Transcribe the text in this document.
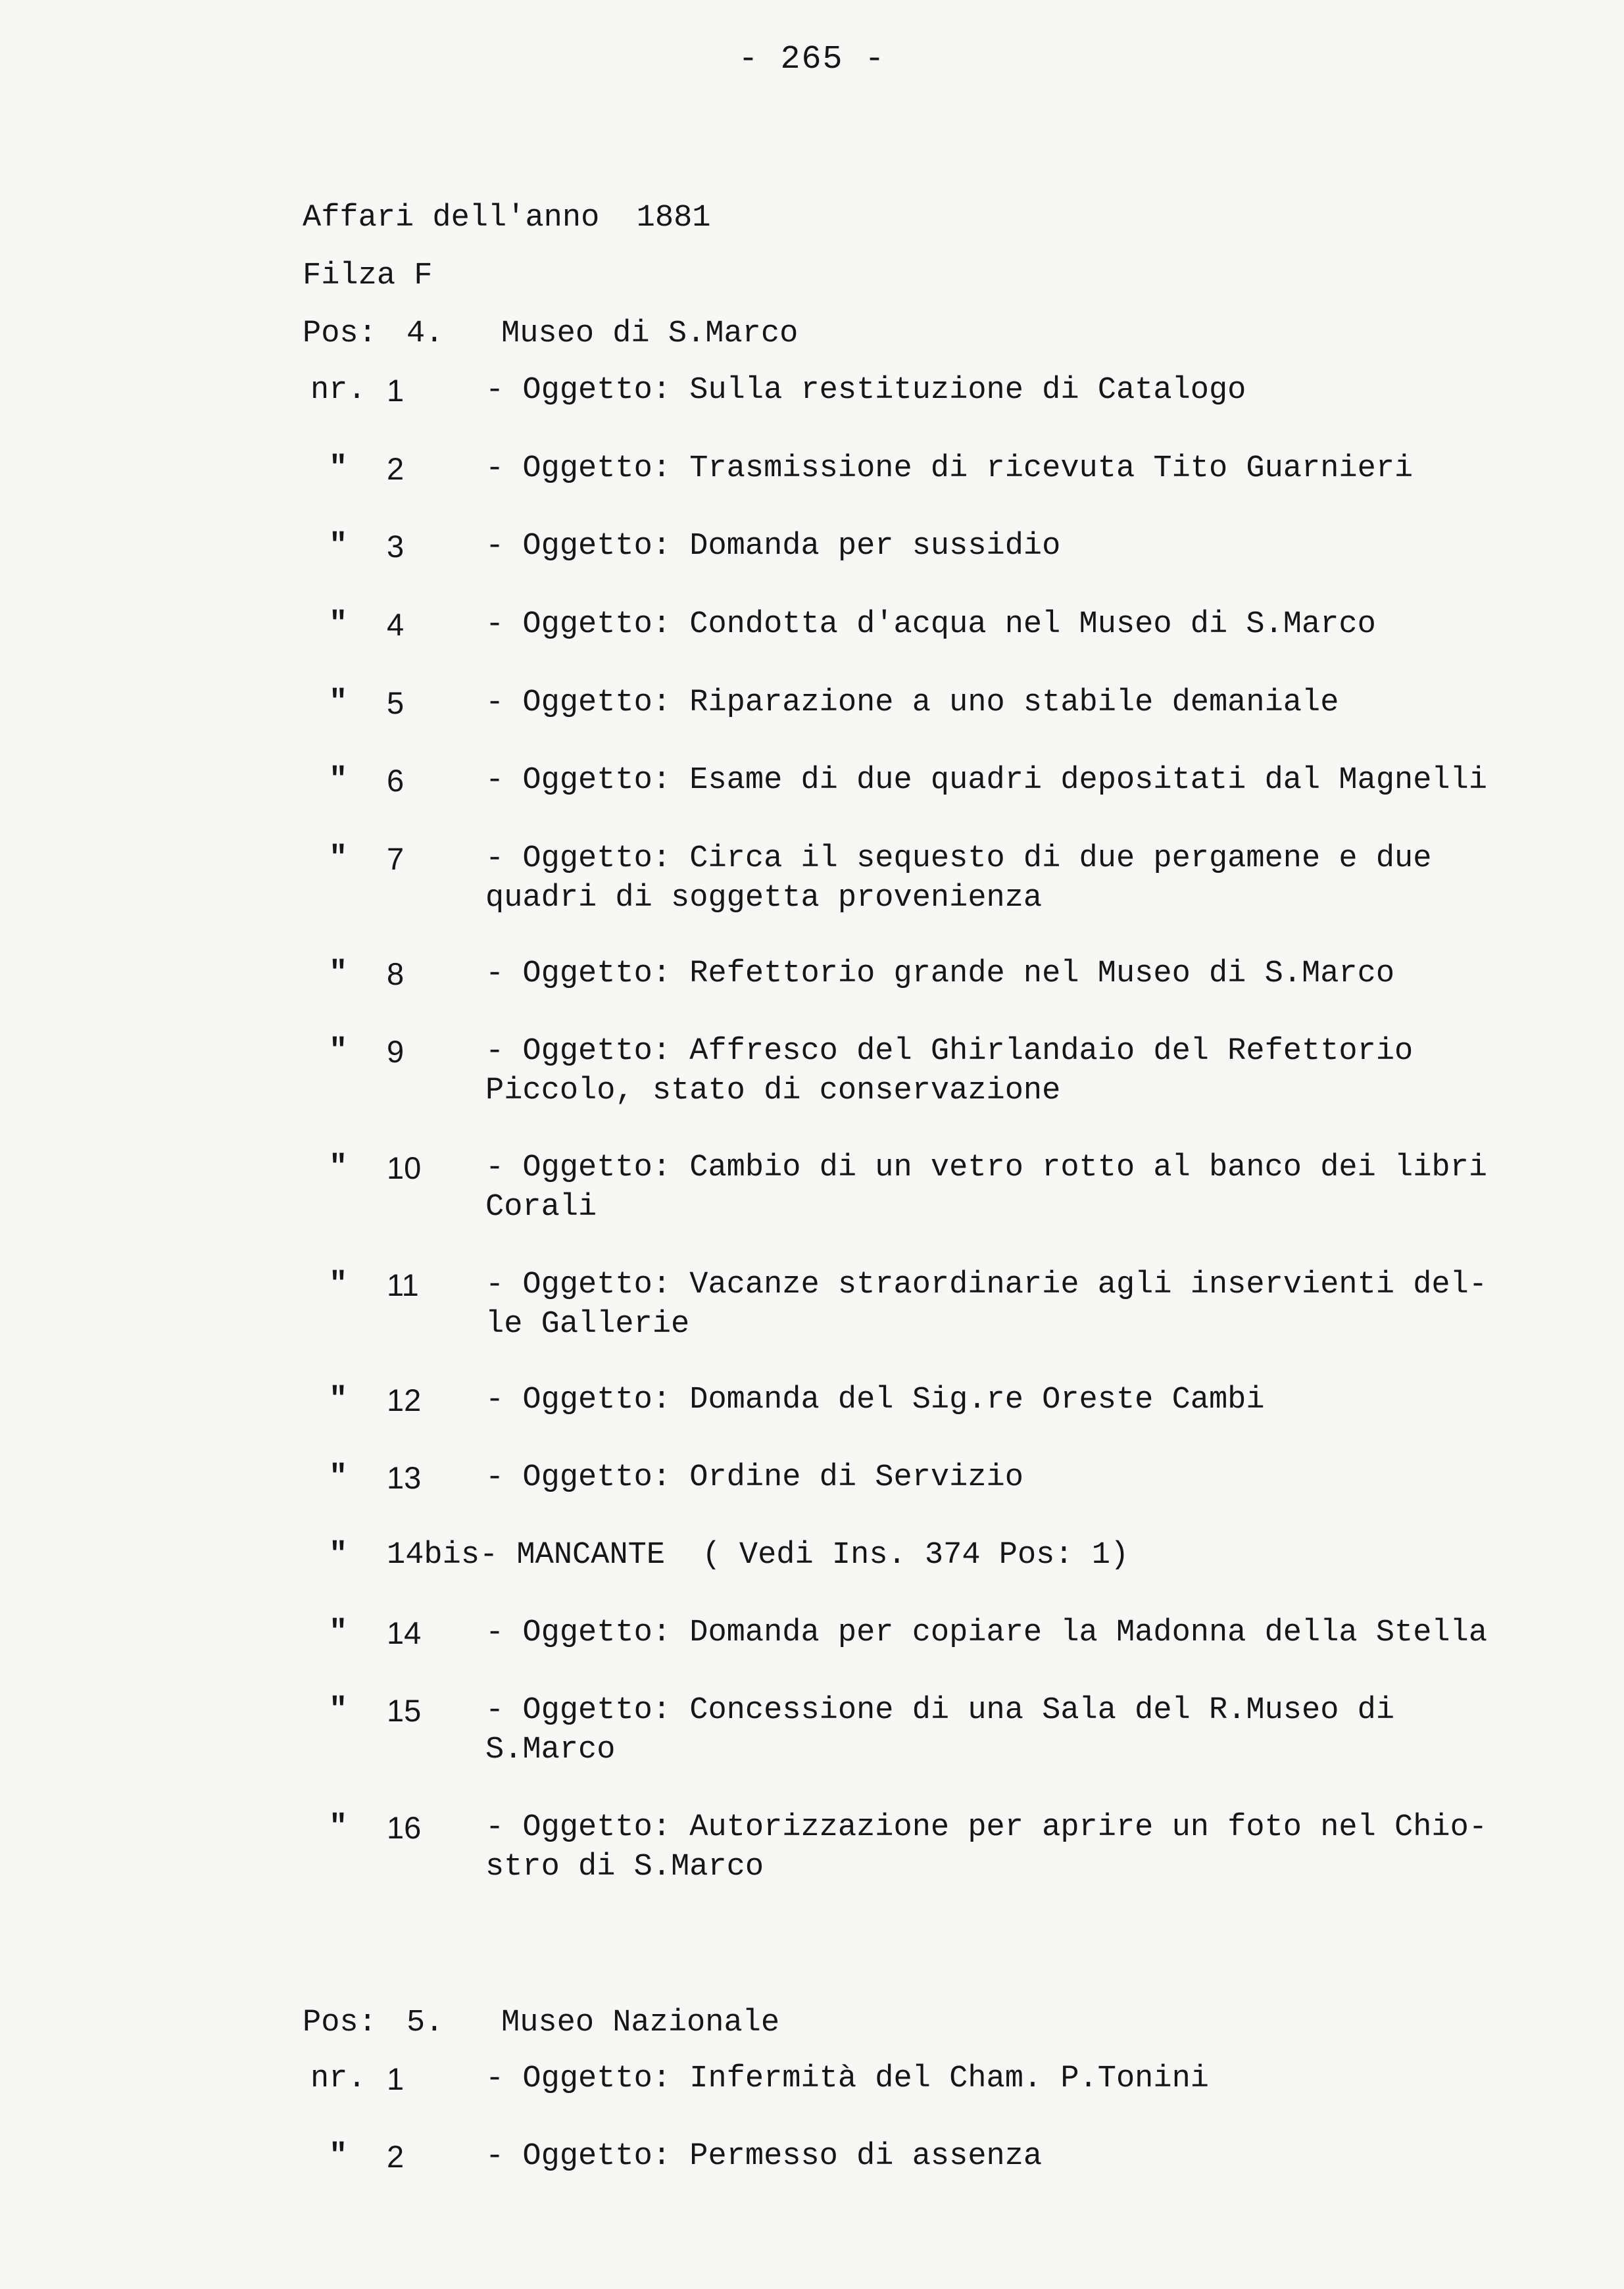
- 265 -
Affari dell'anno  1881
Filza F
Pos: 4. Museo di S.Marco
nr. 1	- Oggetto: Sulla restituzione di Catalogo
" 2	- Oggetto: Trasmissione di ricevuta Tito Guarnieri
" 3	- Oggetto: Domanda per sussidio
" 4	- Oggetto: Condotta d'acqua nel Museo di S.Marco
" 5	- Oggetto: Riparazione a uno stabile demaniale
" 6	- Oggetto: Esame di due quadri depositati dal Magnelli
" 7	- Oggetto: Circa il sequesto di due pergamene e due
quadri di soggetta provenienza
" 8	- Oggetto: Refettorio grande nel Museo di S.Marco
" 9	- Oggetto: Affresco del Ghirlandaio del Refettorio
Piccolo, stato di conservazione
" 10 - Oggetto: Cambio di un vetro rotto al banco dei libri
Corali
" 11 - Oggetto: Vacanze straordinarie agli inservienti del-
le Gallerie
" 12 - Oggetto: Domanda del Sig.re Oreste Cambi
" 13 - Oggetto: Ordine di Servizio
" 14bis- MANCANTE  ( Vedi Ins. 374 Pos: 1)
" 14 - Oggetto: Domanda per copiare la Madonna della Stella
" 15 - Oggetto: Concessione di una Sala del R.Museo di
S.Marco
" 16 - Oggetto: Autorizzazione per aprire un foto nel Chio-
stro di S.Marco
Pos: 5. Museo Nazionale
nr. 1	- Oggetto: Infermità del Cham. P.Tonini
" 2	- Oggetto: Permesso di assenza
